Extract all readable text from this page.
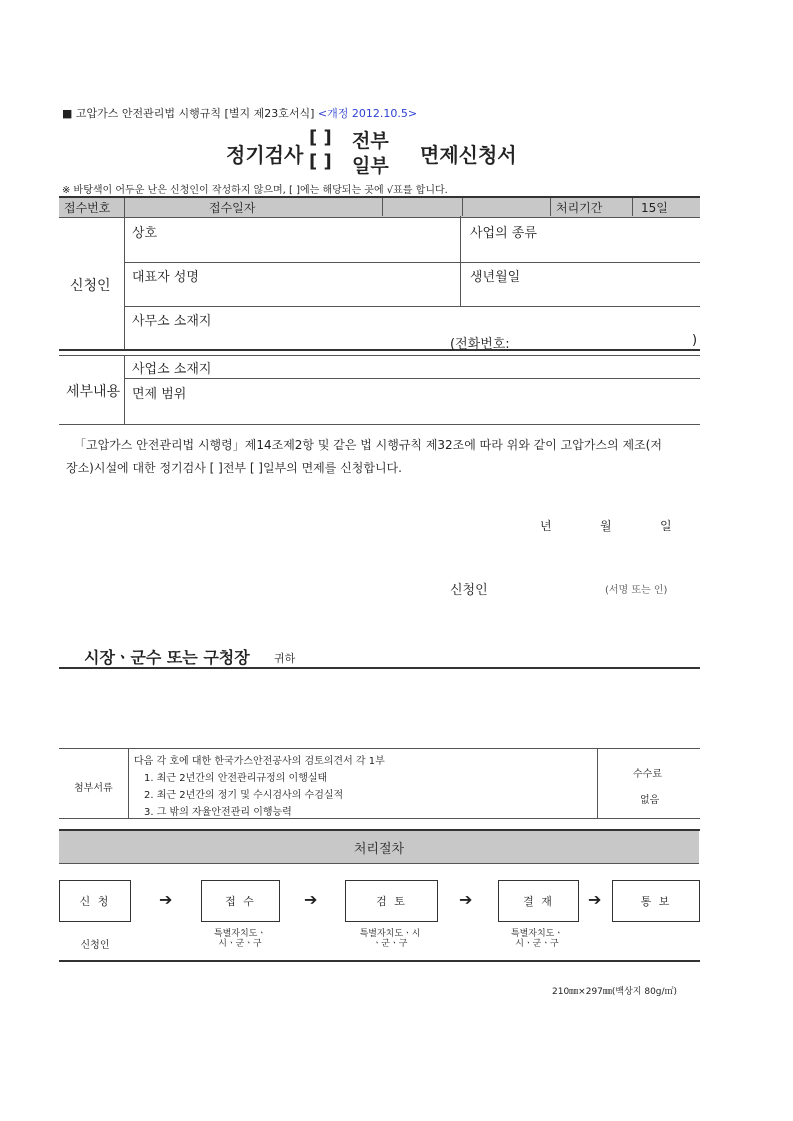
■ 고압가스 안전관리법 시행규칙 [별지 제23호서식] <개정 2012.10.5>
정기검사
[ ] 전부
[ ] 일부 면제신청서
※ 바탕색이 어두운 난은 신청인이 작성하지 않으며, [ ]에는 해당되는 곳에 √표를 합니다.
접수번호	접수일자	처리기간	15일
신청인
상호	사업의 종류
대표자 성명	생년월일
사무소 소재지
(전화번호:	)
세부내용
사업소 소재지
면제 범위
「고압가스 안전관리법 시행령」제14조제2항 및 같은 법 시행규칙 제32조에 따라 위와 같이 고압가스의 제조(저
장소)시설에 대한 정기검사 [ ]전부 [ ]일부의 면제를 신청합니다.
년	월	일
신청인	(서명 또는 인)
시장ㆍ군수 또는 구청장 귀하
첨부서류
다음 각 호에 대한 한국가스안전공사의 검토의견서 각 1부
1. 최근 2년간의 안전관리규정의 이행실태
2. 최근 2년간의 정기 및 수시검사의 수검실적
3. 그 밖의 자율안전관리 이행능력
수수료
없음
처리절차
신 청	➔	접 수	➔	검 토	➔	결 재	➔	통 보
신청인
특별자치도ㆍ
시ㆍ군ㆍ구
특별자치도ㆍ시
ㆍ군ㆍ구
특별자치도ㆍ
시ㆍ군ㆍ구
210㎜×297㎜(백상지 80g/㎡)
